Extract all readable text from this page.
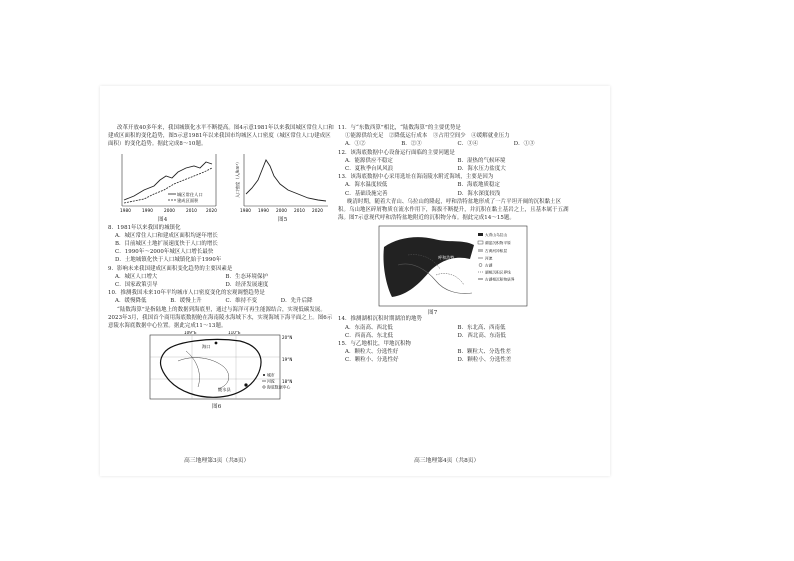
改革开放40多年来，我国城镇化水平不断提高。图4示意1981年以来我国城区常住人口和建成区面积的变化趋势，图5示意1981年以来我国市均城区人口密度（城区常住人口/建成区面积）的变化趋势。据此完成8～10题。

城区常住人口
建成区面积
1980	1990	2000	2010 2020
图4
人口密度（人/km²）
1980 1990 2000 2010 2020
图5

8．1981年以来我国的城镇化

A．城区常住人口和建成区面积均逐年增长
B．目前城区土地扩展速度快于人口的增长
C．1990年～2000年城区人口增长最快
D．土地城镇化快于人口城镇化始于1990年

9．影响未来我国建成区面积变化趋势的主要因素是

A．城区人口增大	B．生态环境保护
C．国家政策引导	D．经济发展速度

10．推测我国未来10年平均城市人口密度变化的宏观调整趋势是

A．缓慢降低	B．缓慢上升	C．维持不变	D．先升后降

“陆数海算”是指陆地上的数据到海底里，通过与海洋可再生能源结合，实现低碳发展。2023年3月，我国首个商用海底数据舱在海南陵水海域下水，实现海域下海平面之上。图6示意陵水海底数据中心位置。据此完成11～13题。

海口
陵水县
109°E	110°E
20°N
19°N
18°N
城市
河流
海底数据中心
图6
高三地理第3页（共8页）

11．与“东数西算”相比，“陆数海算”的主要优势是

①能源供给充足　②降低运行成本　③占用空间少　④缓解就业压力
A．①②	B．②③	C．③④	D．①③

12．该海底数据中心设备运行面临的主要问题是

A．能源供应不稳定	B．湿热的气候环境
C．夏秋季台风风浪	D．海水压力盐度大

13．该海底数据中心采用选址在海南陵水附近海域，主要是因为

A．海水温度较低	B．海底地质稳定
C．基础设施完善	D．海水深度较浅

晚清时期，随着大青山、乌拉山的隆起，呼和浩特盆地形成了一片平坦开阔的沉积黏土区积。乌山地区碎屑物质在流水作用下，海拔不断提升，并沉积在黏土基岩之上，且基本属于五湖海。图7示意现代呼和浩特盆地附近的沉积物分布。据此完成14～15题。

呼和浩特
大青山乌拉山
湖盆沉积物平原
古黄河冲积层
河流
古湖
湖相沉积区界线
古湖相沉积物质界
图7

14．推测湖相沉积时期湖泊的地势

A．东南高、西北低	B．东北高、西南低
C．西南高、东北低	D．西北高、东南低

15．与乙地相比，甲地沉积物

A．颗粒大、分选性好	B．颗粒大、分选性差
C．颗粒小、分选性好	D．颗粒小、分选性差
高三地理第4页（共8页）
